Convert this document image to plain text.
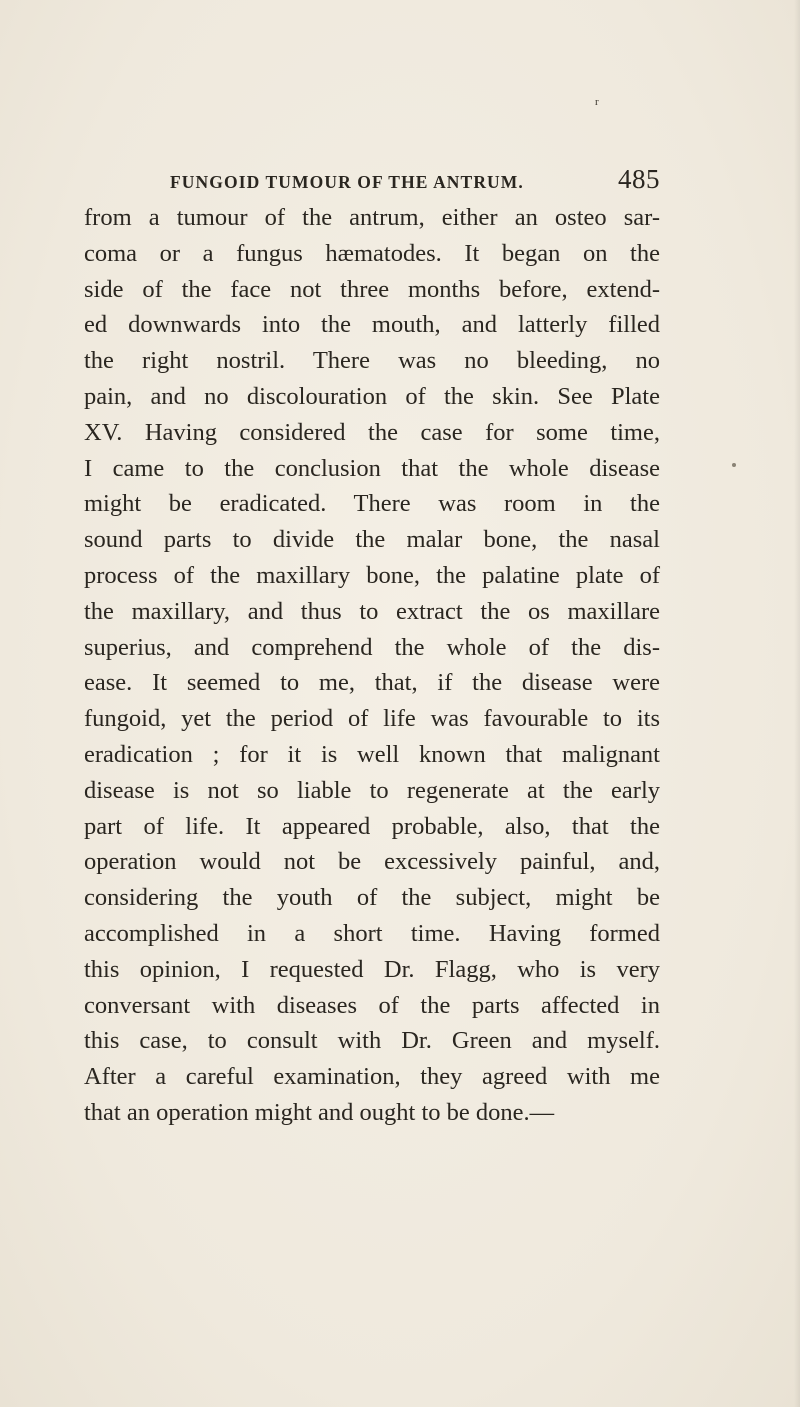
r
FUNGOID TUMOUR OF THE ANTRUM.	485
from a tumour of the antrum, either an osteo sar-
coma or a fungus hæmatodes. It began on the
side of the face not three months before, extend-
ed downwards into the mouth, and latterly filled
the right nostril. There was no bleeding, no
pain, and no discolouration of the skin. See Plate
XV. Having considered the case for some time,
I came to the conclusion that the whole disease
might be eradicated. There was room in the
sound parts to divide the malar bone, the nasal
process of the maxillary bone, the palatine plate of
the maxillary, and thus to extract the os maxillare
superius, and comprehend the whole of the dis-
ease. It seemed to me, that, if the disease were
fungoid, yet the period of life was favourable to its
eradication ; for it is well known that malignant
disease is not so liable to regenerate at the early
part of life. It appeared probable, also, that the
operation would not be excessively painful, and,
considering the youth of the subject, might be
accomplished in a short time. Having formed
this opinion, I requested Dr. Flagg, who is very
conversant with diseases of the parts affected in
this case, to consult with Dr. Green and myself.
After a careful examination, they agreed with me
that an operation might and ought to be done.—
